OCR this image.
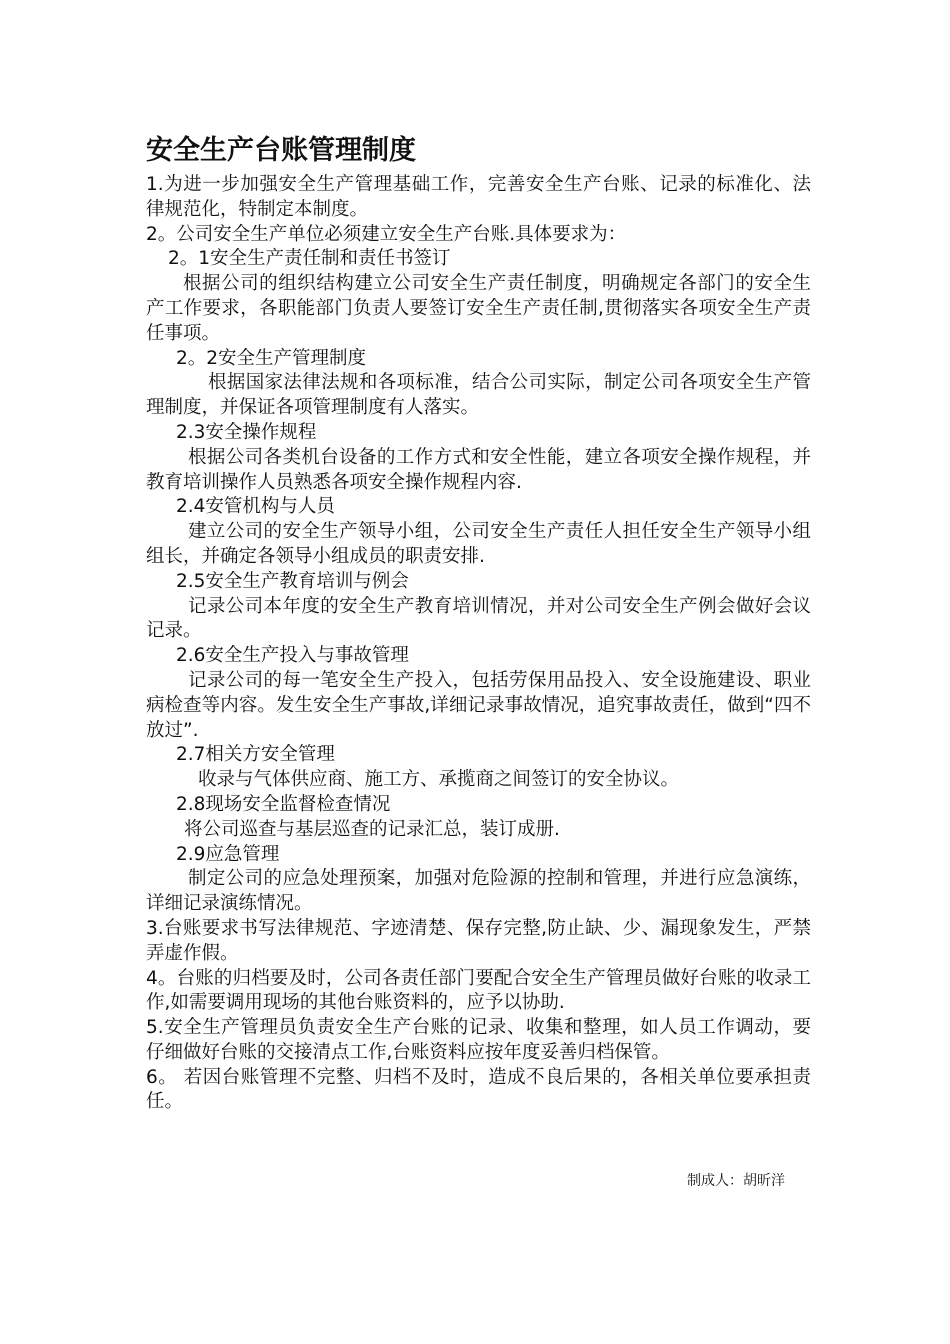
安全生产台账管理制度

1.为进一步加强安全生产管理基础工作，完善安全生产台账、记录的标准化、法律规范化，特制定本制度。

2。公司安全生产单位必须建立安全生产台账.具体要求为：

2。1安全生产责任制和责任书签订

根据公司的组织结构建立公司安全生产责任制度，明确规定各部门的安全生产工作要求，各职能部门负责人要签订安全生产责任制,贯彻落实各项安全生产责任事项。

2。2安全生产管理制度

根据国家法律法规和各项标准，结合公司实际，制定公司各项安全生产管理制度，并保证各项管理制度有人落实。

2.3安全操作规程

根据公司各类机台设备的工作方式和安全性能，建立各项安全操作规程，并教育培训操作人员熟悉各项安全操作规程内容.

2.4安管机构与人员

建立公司的安全生产领导小组，公司安全生产责任人担任安全生产领导小组组长，并确定各领导小组成员的职责安排.

2.5安全生产教育培训与例会

记录公司本年度的安全生产教育培训情况，并对公司安全生产例会做好会议记录。

2.6安全生产投入与事故管理

记录公司的每一笔安全生产投入，包括劳保用品投入、安全设施建设、职业病检查等内容。发生安全生产事故,详细记录事故情况，追究事故责任，做到“四不放过”.

2.7相关方安全管理

收录与气体供应商、施工方、承揽商之间签订的安全协议。

2.8现场安全监督检查情况

将公司巡查与基层巡查的记录汇总，装订成册.

2.9应急管理

制定公司的应急处理预案，加强对危险源的控制和管理，并进行应急演练，详细记录演练情况。

3.台账要求书写法律规范、字迹清楚、保存完整,防止缺、少、漏现象发生，严禁弄虚作假。

4。台账的归档要及时，公司各责任部门要配合安全生产管理员做好台账的收录工作,如需要调用现场的其他台账资料的，应予以协助.

5.安全生产管理员负责安全生产台账的记录、收集和整理，如人员工作调动，要仔细做好台账的交接清点工作,台账资料应按年度妥善归档保管。

6。 若因台账管理不完整、归档不及时，造成不良后果的，各相关单位要承担责任。

制成人：胡昕洋
